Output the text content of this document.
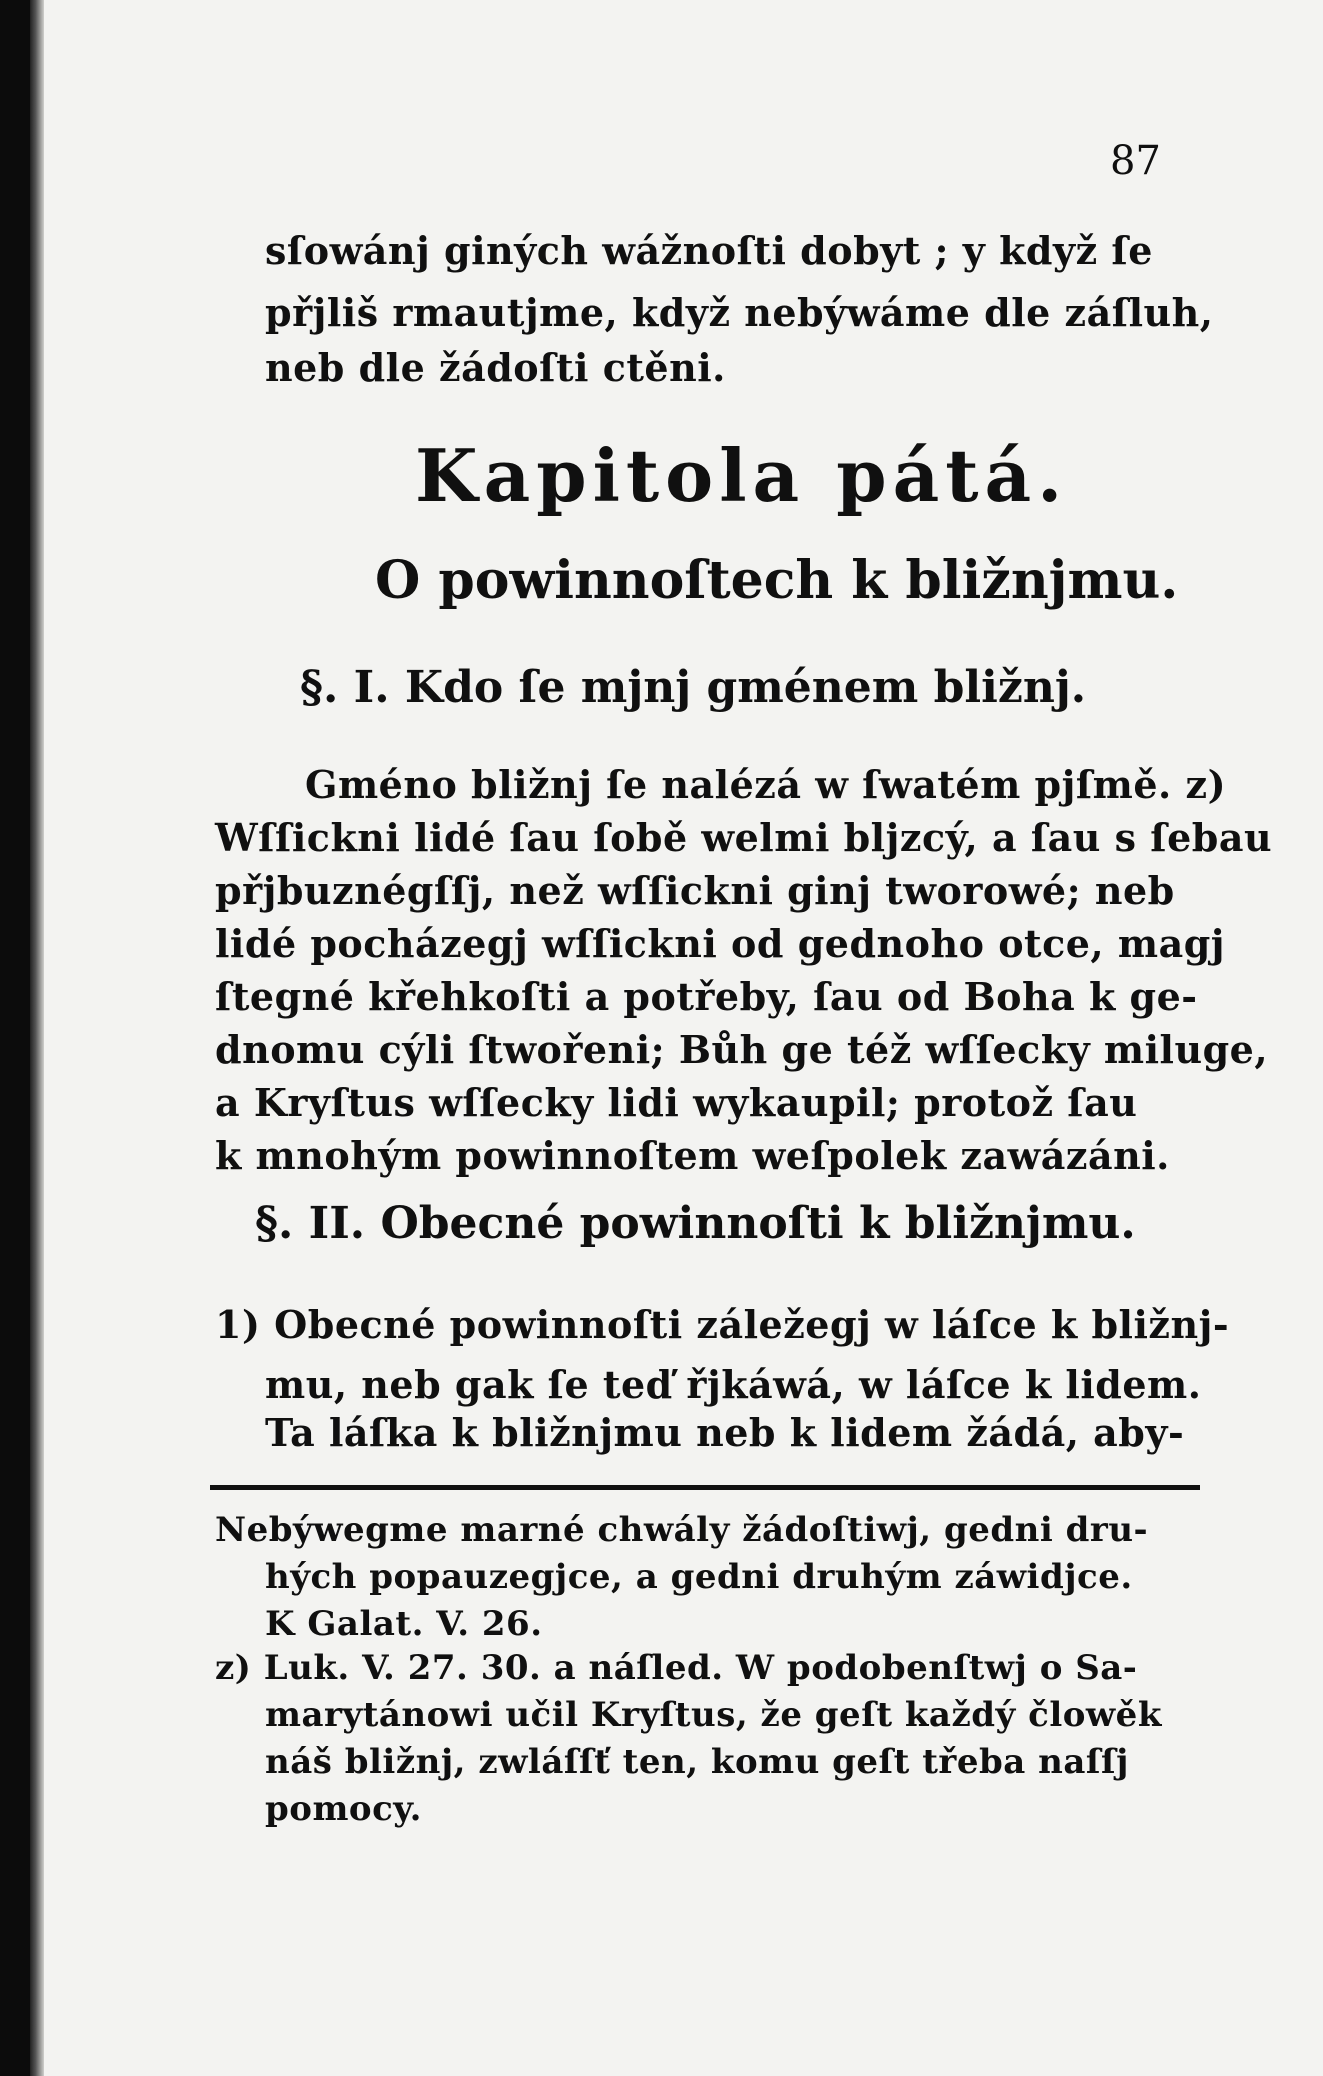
87
sſowánj giných wážnoſti dobyt ; y když ſe
přjliš rmautjme, když nebýwáme dle záſluh,
neb dle žádoſti ctěni.
Kapitola pátá.
O powinnoſtech k bližnjmu.
§. I. Kdo ſe mjnj gménem bližnj.
Gméno bližnj ſe nalézá w ſwatém pjſmě. z)
Wſſickni lidé ſau ſobě welmi bljzcý, a ſau s ſebau
přjbuznégſſj, než wſſickni ginj tworowé; neb
lidé pocházegj wſſickni od gednoho otce, magj
ſtegné křehkoſti a potřeby, ſau od Boha k ge-
dnomu cýli ſtwořeni; Bůh ge též wſſecky miluge,
a Kryſtus wſſecky lidi wykaupil; protož ſau
k mnohým powinnoſtem weſpolek zawázáni.
§. II. Obecné powinnoſti k bližnjmu.
1) Obecné powinnoſti záležegj w láſce k bližnj-
mu, neb gak ſe teď řjkáwá, w láſce k lidem.
Ta láſka k bližnjmu neb k lidem žádá, aby-
Nebýwegme marné chwály žádoſtiwj, gedni dru-
hých popauzegjce, a gedni druhým záwidjce.
K Galat. V. 26.
z) Luk. V. 27. 30. a náſled. W podobenſtwj o Sa-
marytánowi učil Kryſtus, že geſt každý člowěk
náš bližnj, zwláſſť ten, komu geſt třeba naſſj
pomocy.
